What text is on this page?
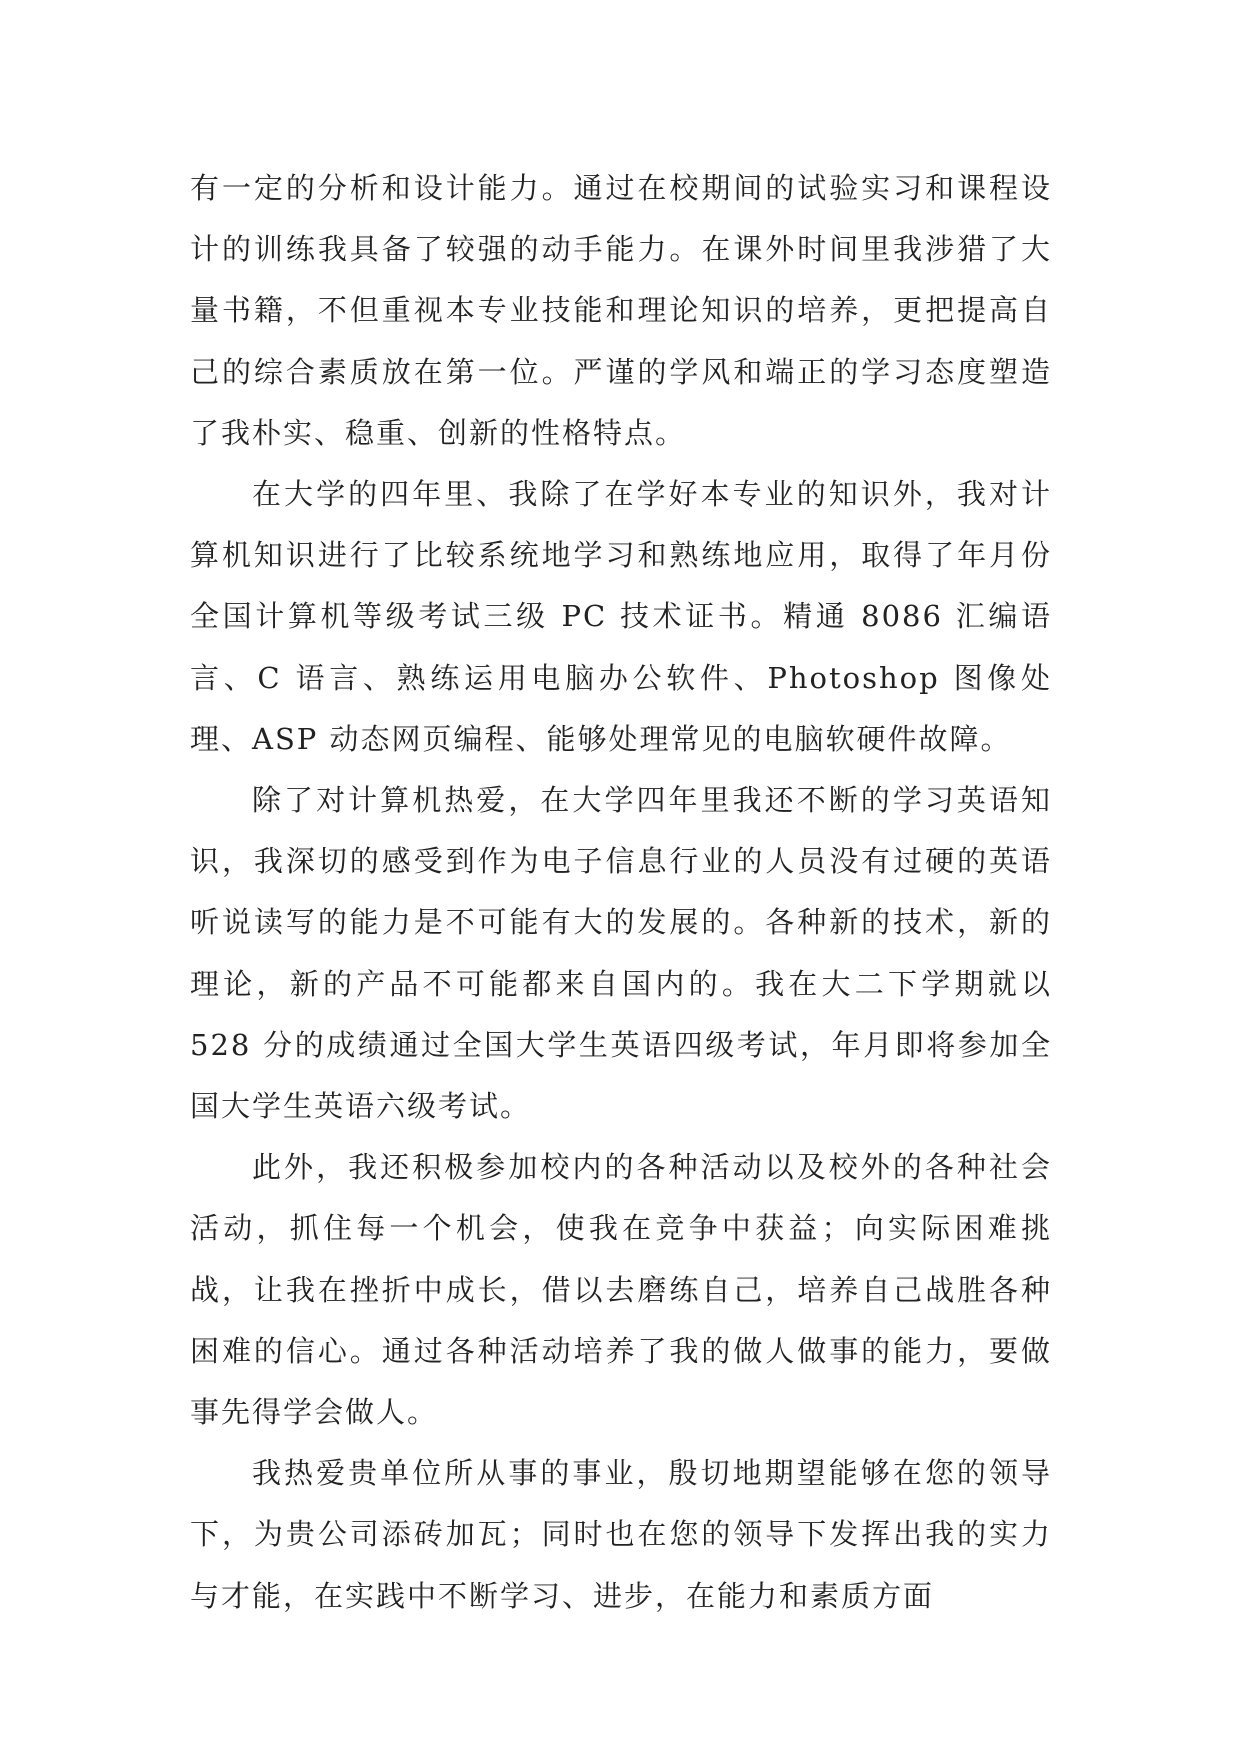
有一定的分析和设计能力。通过在校期间的试验实习和课程设计的训练我具备了较强的动手能力。在课外时间里我涉猎了大量书籍，不但重视本专业技能和理论知识的培养，更把提高自己的综合素质放在第一位。严谨的学风和端正的学习态度塑造了我朴实、稳重、创新的性格特点。

在大学的四年里、我除了在学好本专业的知识外，我对计算机知识进行了比较系统地学习和熟练地应用，取得了年月份全国计算机等级考试三级 PC 技术证书。精通 8086 汇编语言、C 语言、熟练运用电脑办公软件、Photoshop 图像处理、ASP 动态网页编程、能够处理常见的电脑软硬件故障。

除了对计算机热爱，在大学四年里我还不断的学习英语知识，我深切的感受到作为电子信息行业的人员没有过硬的英语听说读写的能力是不可能有大的发展的。各种新的技术，新的理论，新的产品不可能都来自国内的。我在大二下学期就以 528 分的成绩通过全国大学生英语四级考试，年月即将参加全国大学生英语六级考试。

此外，我还积极参加校内的各种活动以及校外的各种社会活动，抓住每一个机会，使我在竞争中获益；向实际困难挑战，让我在挫折中成长，借以去磨练自己，培养自己战胜各种困难的信心。通过各种活动培养了我的做人做事的能力，要做事先得学会做人。

我热爱贵单位所从事的事业，殷切地期望能够在您的领导下，为贵公司添砖加瓦；同时也在您的领导下发挥出我的实力与才能，在实践中不断学习、进步，在能力和素质方面
